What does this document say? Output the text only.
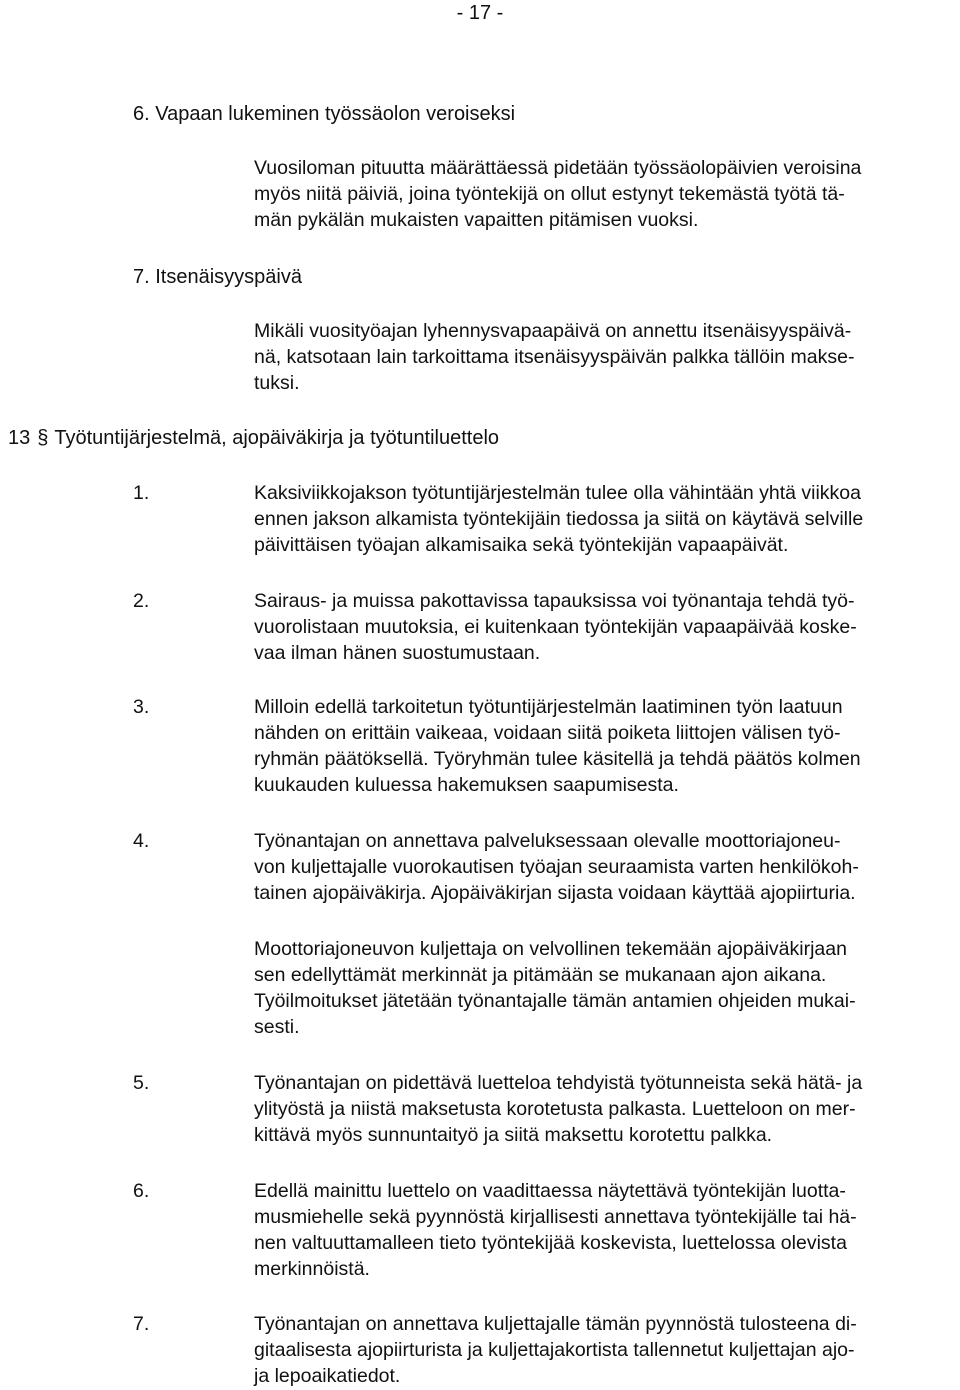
- 17 -
6. Vapaan lukeminen työssäolon veroiseksi
Vuosiloman pituutta määrättäessä pidetään työssäolopäivien veroisina
myös niitä päiviä, joina työntekijä on ollut estynyt tekemästä työtä tä-
män pykälän mukaisten vapaitten pitämisen vuoksi.
7. Itsenäisyyspäivä
Mikäli vuosityöajan lyhennysvapaapäivä on annettu itsenäisyyspäivä-
nä, katsotaan lain tarkoittama itsenäisyyspäivän palkka tällöin makse-
tuksi.
13 § Työtuntijärjestelmä, ajopäiväkirja ja työtuntiluettelo
1.	Kaksiviikkojakson työtuntijärjestelmän tulee olla vähintään yhtä viikkoa
ennen jakson alkamista työntekijäin tiedossa ja siitä on käytävä selville
päivittäisen työajan alkamisaika sekä työntekijän vapaapäivät.
2.	Sairaus- ja muissa pakottavissa tapauksissa voi työnantaja tehdä työ-
vuorolistaan muutoksia, ei kuitenkaan työntekijän vapaapäivää koske-
vaa ilman hänen suostumustaan.
3.	Milloin edellä tarkoitetun työtuntijärjestelmän laatiminen työn laatuun
nähden on erittäin vaikeaa, voidaan siitä poiketa liittojen välisen työ-
ryhmän päätöksellä. Työryhmän tulee käsitellä ja tehdä päätös kolmen
kuukauden kuluessa hakemuksen saapumisesta.
4.	Työnantajan on annettava palveluksessaan olevalle moottoriajoneu-
von kuljettajalle vuorokautisen työajan seuraamista varten henkilökoh-
tainen ajopäiväkirja. Ajopäiväkirjan sijasta voidaan käyttää ajopiirturia.
Moottoriajoneuvon kuljettaja on velvollinen tekemään ajopäiväkirjaan
sen edellyttämät merkinnät ja pitämään se mukanaan ajon aikana.
Työilmoitukset jätetään työnantajalle tämän antamien ohjeiden mukai-
sesti.
5.	Työnantajan on pidettävä luetteloa tehdyistä työtunneista sekä hätä- ja
ylityöstä ja niistä maksetusta korotetusta palkasta. Luetteloon on mer-
kittävä myös sunnuntaityö ja siitä maksettu korotettu palkka.
6.	Edellä mainittu luettelo on vaadittaessa näytettävä työntekijän luotta-
musmiehelle sekä pyynnöstä kirjallisesti annettava työntekijälle tai hä-
nen valtuuttamalleen tieto työntekijää koskevista, luettelossa olevista
merkinnöistä.
7.	Työnantajan on annettava kuljettajalle tämän pyynnöstä tulosteena di-
gitaalisesta ajopiirturista ja kuljettajakortista tallennetut kuljettajan ajo-
ja lepoaikatiedot.
